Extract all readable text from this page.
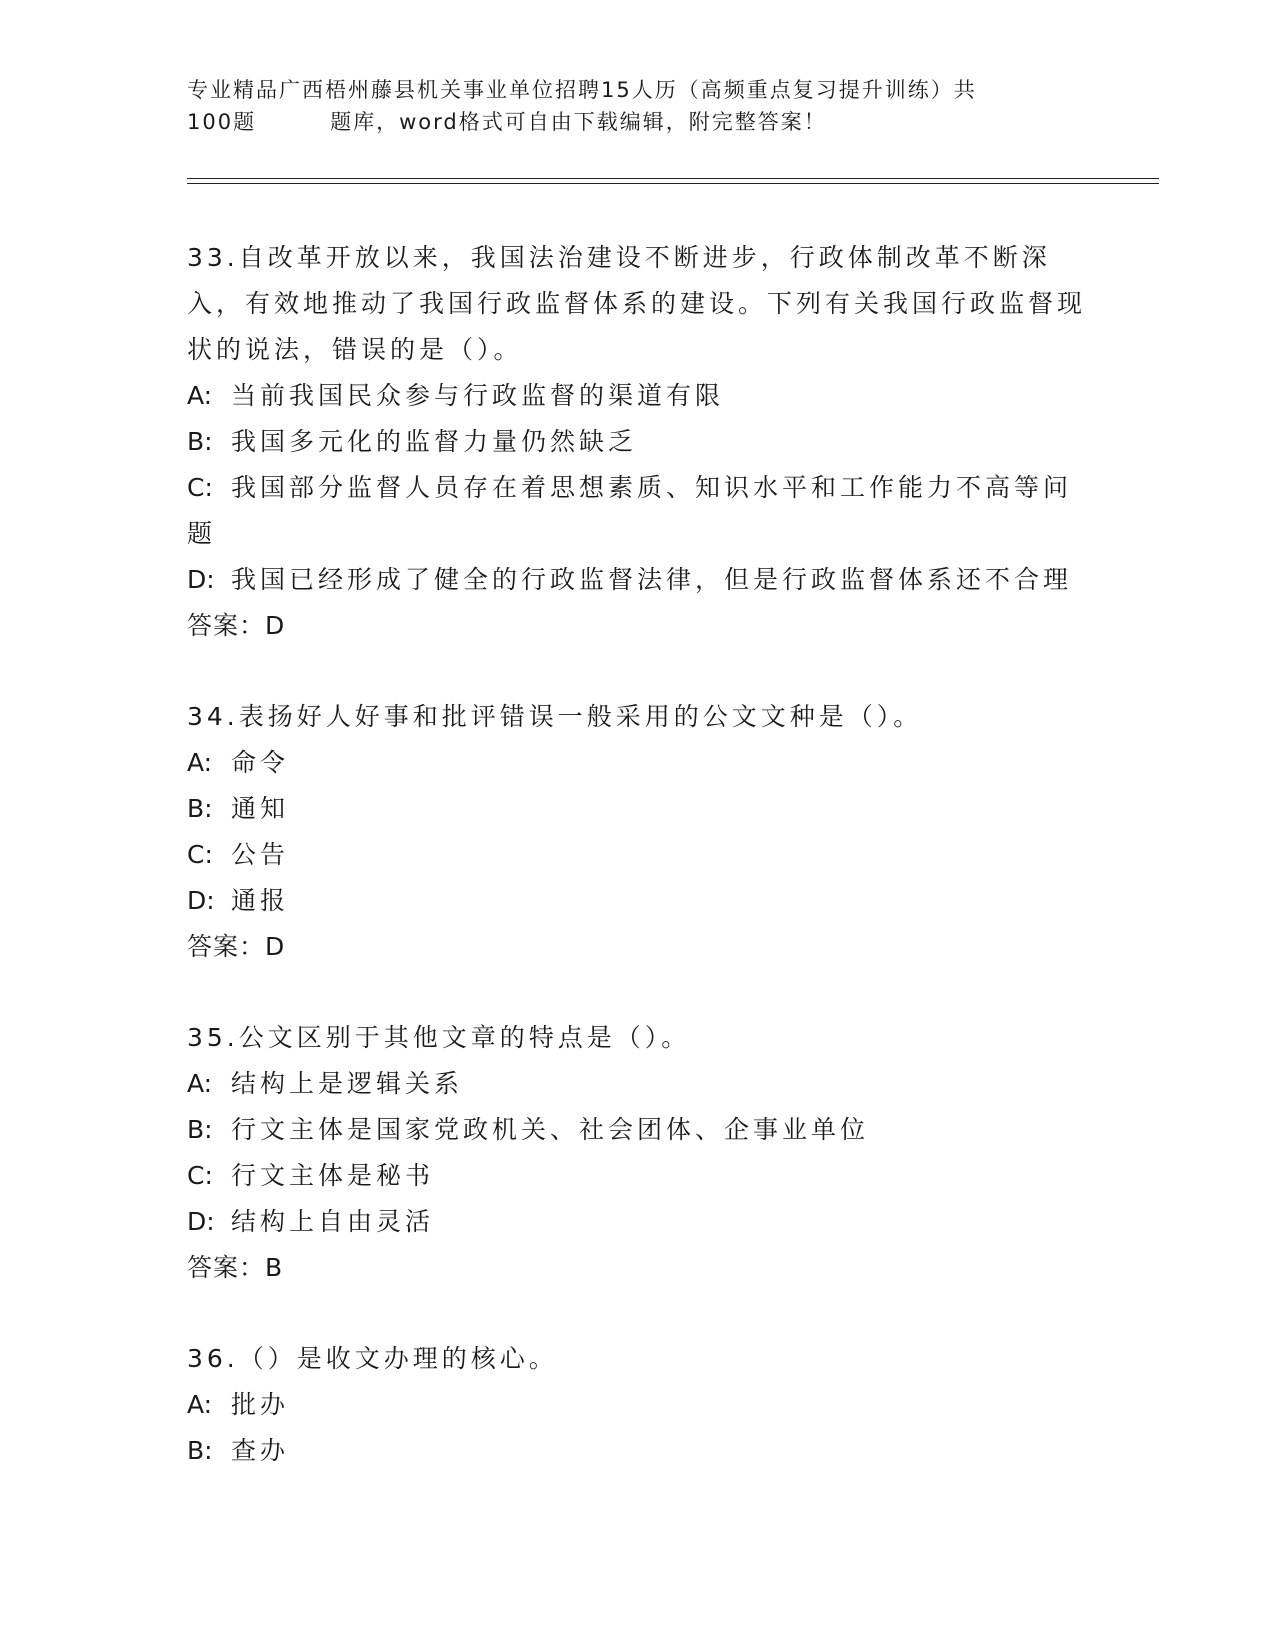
专业精品广西梧州藤县机关事业单位招聘15人历（高频重点复习提升训练）共
100题	题库，word格式可自由下载编辑，附完整答案！

33.自改革开放以来，我国法治建设不断进步，行政体制改革不断深入，有效地推动了我国行政监督体系的建设。下列有关我国行政监督现状的说法，错误的是（）。

A: 当前我国民众参与行政监督的渠道有限

B: 我国多元化的监督力量仍然缺乏

C: 我国部分监督人员存在着思想素质、知识水平和工作能力不高等问题

D: 我国已经形成了健全的行政监督法律，但是行政监督体系还不合理

答案：D

34.表扬好人好事和批评错误一般采用的公文文种是（）。

A: 命令

B: 通知

C: 公告

D: 通报

答案：D

35.公文区别于其他文章的特点是（）。

A: 结构上是逻辑关系

B: 行文主体是国家党政机关、社会团体、企事业单位

C: 行文主体是秘书

D: 结构上自由灵活

答案：B

36.（）是收文办理的核心。

A: 批办

B: 查办
